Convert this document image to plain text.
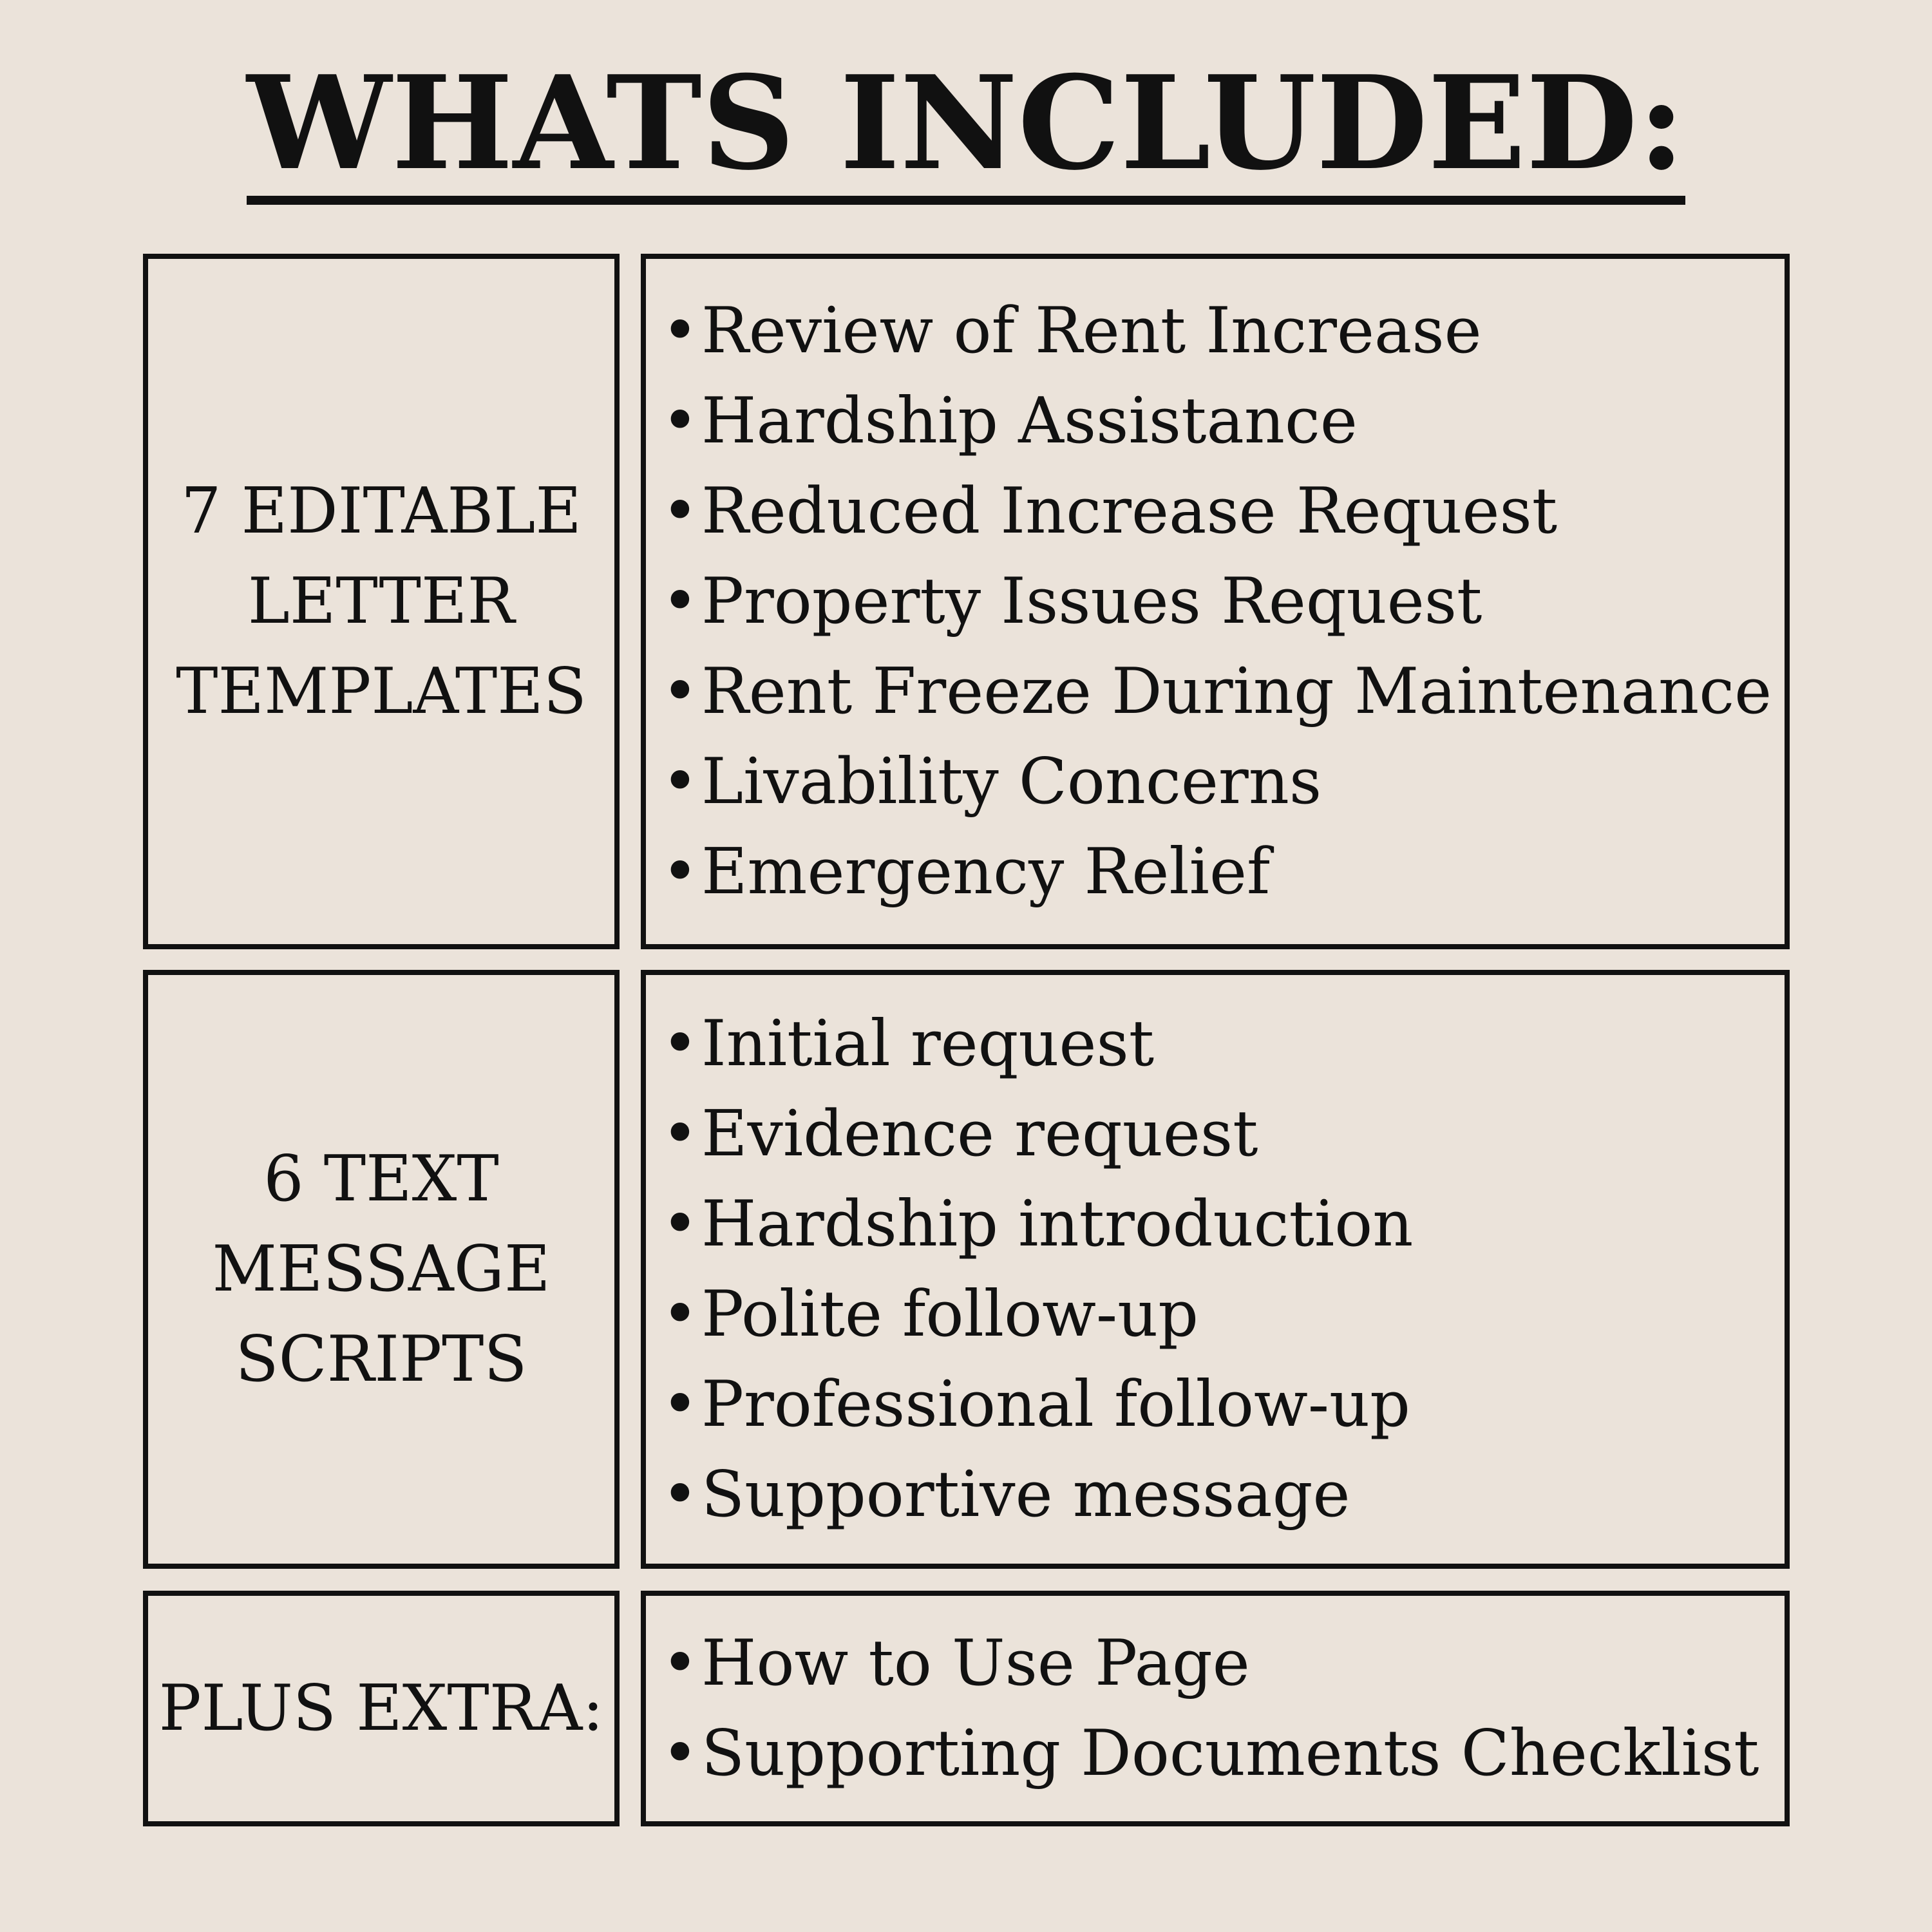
WHATS INCLUDED:
7 EDITABLE
LETTER
TEMPLATES
•Review of Rent Increase
•Hardship Assistance
•Reduced Increase Request
•Property Issues Request
•Rent Freeze During Maintenance
•Livability Concerns
•Emergency Relief
6 TEXT
MESSAGE
SCRIPTS
•Initial request
•Evidence request
•Hardship introduction
•Polite follow-up
•Professional follow-up
•Supportive message
PLUS EXTRA:
•How to Use Page
•Supporting Documents Checklist
